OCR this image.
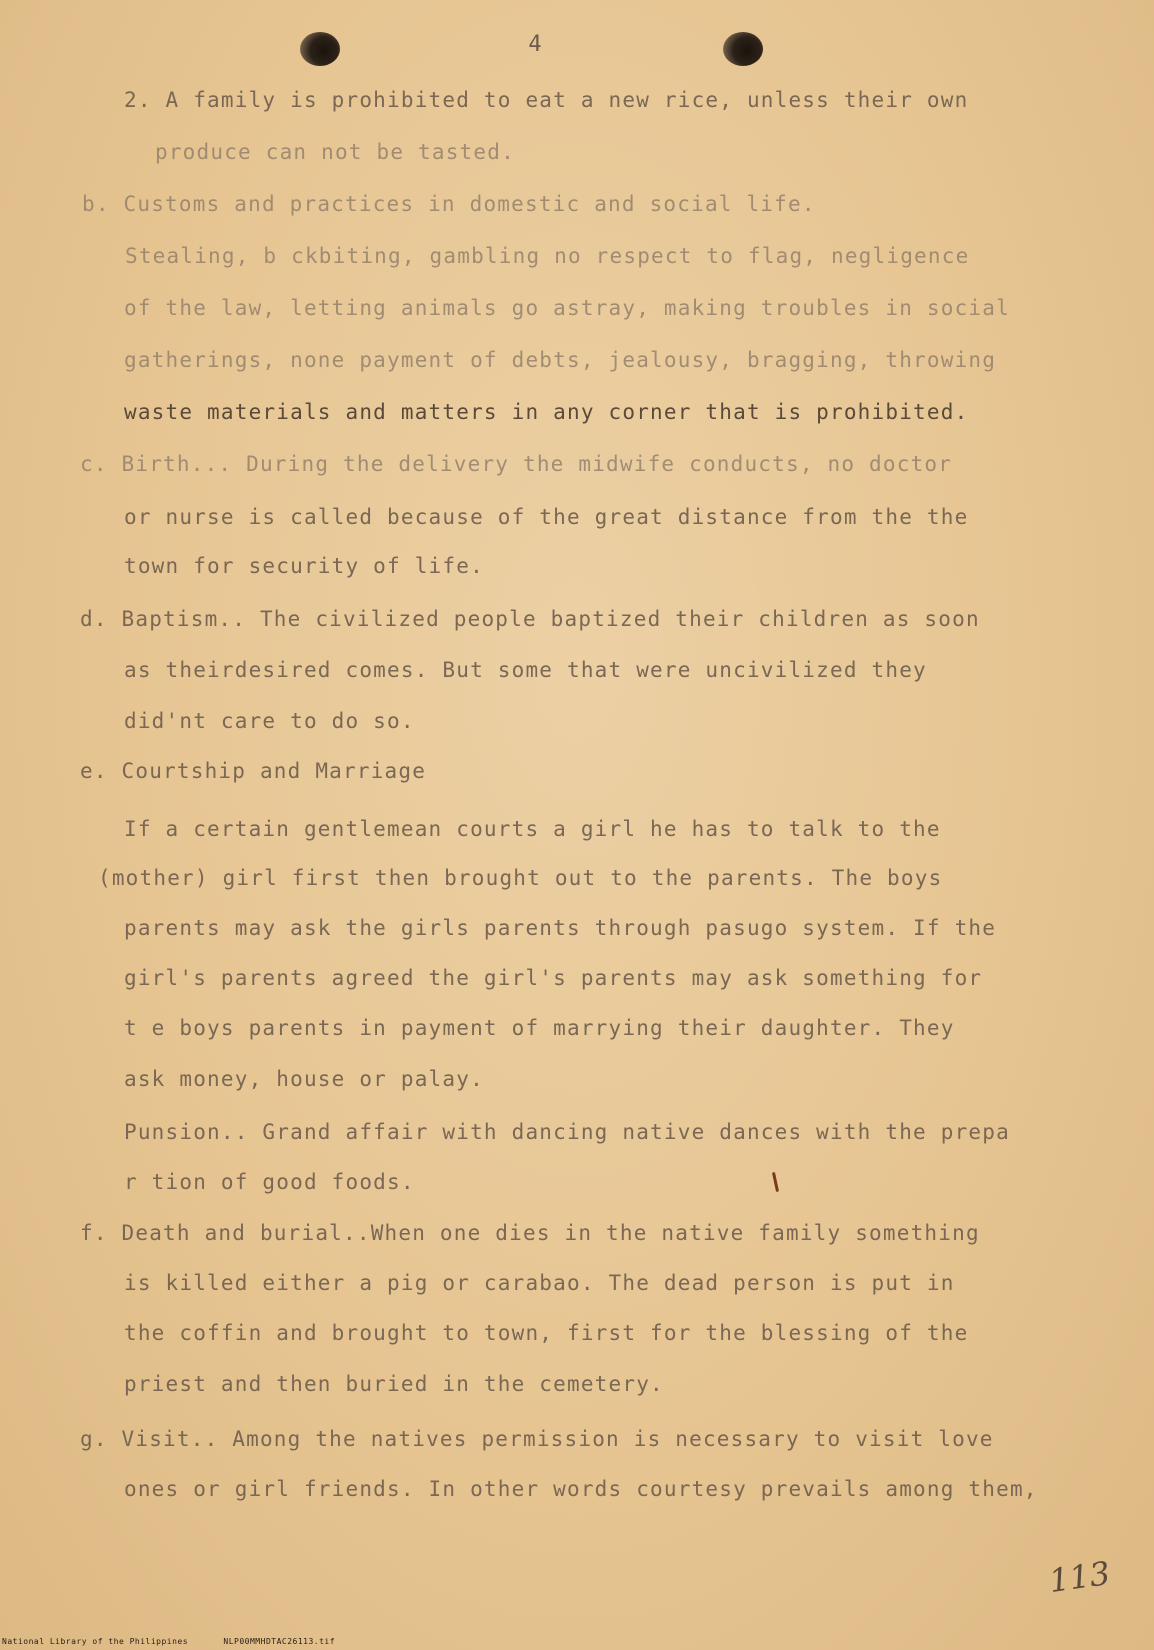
4
2. A family is prohibited to eat a new rice, unless their own
produce can not be tasted.
b. Customs and practices in domestic and social life.
Stealing, b ckbiting, gambling no respect to flag, negligence
of the law, letting animals go astray, making troubles in social
gatherings, none payment of debts, jealousy, bragging, throwing
waste materials and matters in any corner that is prohibited.
c. Birth... During the delivery the midwife conducts, no doctor
or nurse is called because of the great distance from the the
town for security of life.
d. Baptism.. The civilized people baptized their children as soon
as theirdesired comes. But some that were uncivilized they
did'nt care to do so.
e. Courtship and Marriage
If a certain gentlemean courts a girl he has to talk to the
(mother) girl first then brought out to the parents. The boys
parents may ask the girls parents through pasugo system. If the
girl's parents agreed the girl's parents may ask something for
t e boys parents in payment of marrying their daughter. They
ask money, house or palay.
Punsion.. Grand affair with dancing native dances with the prepa
r tion of good foods.
f. Death and burial..When one dies in the native family something
is killed either a pig or carabao. The dead person is put in
the coffin and brought to town, first for the blessing of the
priest and then buried in the cemetery.
g. Visit.. Among the natives permission is necessary to visit love
ones or girl friends. In other words courtesy prevails among them,
113
National Library of the Philippines	NLP00MMHDTAC26113.tif
